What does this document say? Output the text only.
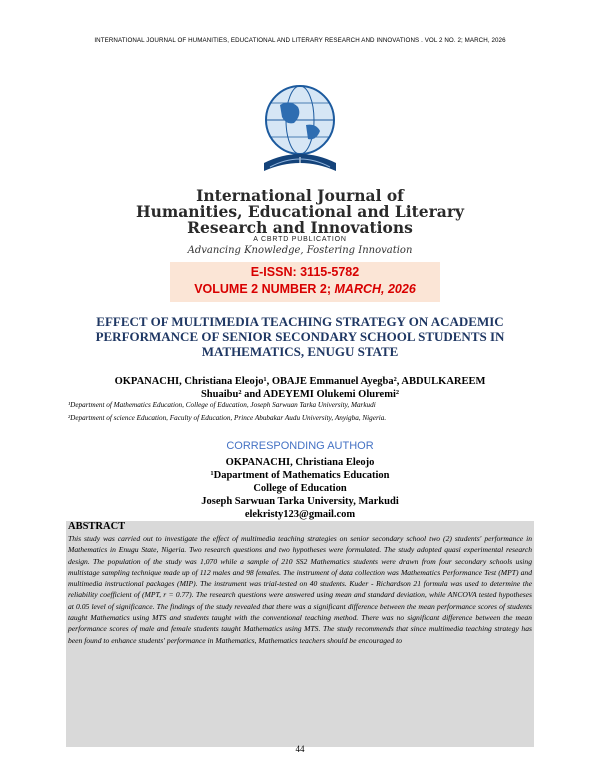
INTERNATIONAL JOURNAL OF HUMANITIES, EDUCATIONAL AND LITERARY RESEARCH AND INNOVATIONS . VOL 2 NO. 2; MARCH, 2026
International Journal of
Humanities, Educational and Literary
Research and Innovations
A CBRTD PUBLICATION
Advancing Knowledge, Fostering Innovation
E-ISSN: 3115-5782
VOLUME 2 NUMBER 2; MARCH, 2026
EFFECT OF MULTIMEDIA TEACHING STRATEGY ON ACADEMIC
PERFORMANCE OF SENIOR SECONDARY SCHOOL STUDENTS IN
MATHEMATICS, ENUGU STATE
OKPANACHI, Christiana Eleojo¹, OBAJE Emmanuel Ayegba², ABDULKAREEM
Shuaibu² and ADEYEMI Olukemi Oluremi²
¹Department of Mathematics Education, College of Education, Joseph Sarwuan Tarka University, Markudi
²Department of science Education, Faculty of Education, Prince Abubakar Audu University, Anyigba, Nigeria.
CORRESPONDING AUTHOR
OKPANACHI, Christiana Eleojo
¹Dapartment of Mathematics Education
College of Education
Joseph Sarwuan Tarka University, Markudi
elekristy123@gmail.com
ABSTRACT
This study was carried out to investigate the effect of multimedia teaching strategies on senior secondary school two (2) students' performance in Mathematics in Enugu State, Nigeria. Two research questions and two hypotheses were formulated. The study adopted quasi experimental research design. The population of the study was 1,070 while a sample of 210 SS2 Mathematics students were drawn from four secondary schools using multistage sampling technique made up of 112 males and 98 females. The instrument of data collection was Mathematics Performance Test (MPT) and multimedia instructional packages (MIP). The instrument was trial-tested on 40 students. Kuder - Richardson 21 formula was used to determine the reliability coefficient of (MPT, r = 0.77). The research questions were answered using mean and standard deviation, while ANCOVA tested hypotheses at 0.05 level of significance. The findings of the study revealed that there was a significant difference between the mean performance scores of students taught Mathematics using MTS and students taught with the conventional teaching method. There was no significant difference between the mean performance scores of male and female students taught Mathematics using MTS. The study recommends that since multimedia teaching strategy has been found to enhance students' performance in Mathematics, Mathematics teachers should be encouraged to
44
